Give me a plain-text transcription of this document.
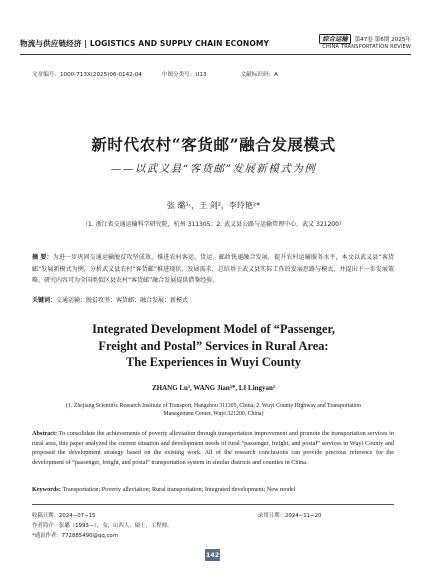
物流与供应链经济 | LOGISTICS AND SUPPLY CHAIN ECONOMY	综合运输 第47卷 第6期 2025年
CHINA TRANSPORTATION REVIEW
文章编号：1000-713X(2025)06-0142-04	中图分类号：U13	文献标识码：A
新时代农村“客货邮”融合发展模式
——以武义县“客货邮”发展新模式为例
张 璐¹˒，王 剑²，李玲艳²*
（1. 浙江省交通运输科学研究院，杭州 311305；2. 武义县公路与运输管理中心，武义 321200）
摘 要：为进一步巩固交通运输脱贫攻坚成效，推进农村客运、货运、邮政快递融合发展，提升农村运输服务水平，本文以武义县“客货邮”发展新模式为例，分析武义县农村“客货邮”推进现状、发展需求，总结基于武义县实际工作的发展思路与模式，并提出下一步发展策略。研究内容可为全国类似区县农村“客货邮”融合发展提供借鉴经验。
关键词：交通运输；脱贫攻坚；客货邮；融合发展；新模式
Integrated Development Model of “Passenger,
Freight and Postal” Services in Rural Area:
The Experiences in Wuyi County
ZHANG Lu¹, WANG Jian²*, LI Lingyan²
(1. Zhejiang Scientific Research Institute of Transport, Hangzhou 311305, China; 2. Wuyi County Highway and Transportation Management Center, Wuyi 321200, China)
Abstract: To consolidate the achievements of poverty alleviation through transportation improvement and promote the transportation services in rural area, this paper analyzed the current situation and development needs of rural “passenger, freight, and postal” services in Wuyi County and proposed the development strategy based on the existing work. All of the research conclusions can provide precious reference for the development of “passenger, freight, and postal” transportation system in similar districts and counties in China.
Keywords: Transportation; Poverty alleviation; Rural transportation; Integrated development; New model
收稿日期：2024−07−15	录用日期：2024−11−20
作者简介：张璐（1993—），女，山西人，硕士，工程师。
*通讯作者：772885490@qq.com
142
